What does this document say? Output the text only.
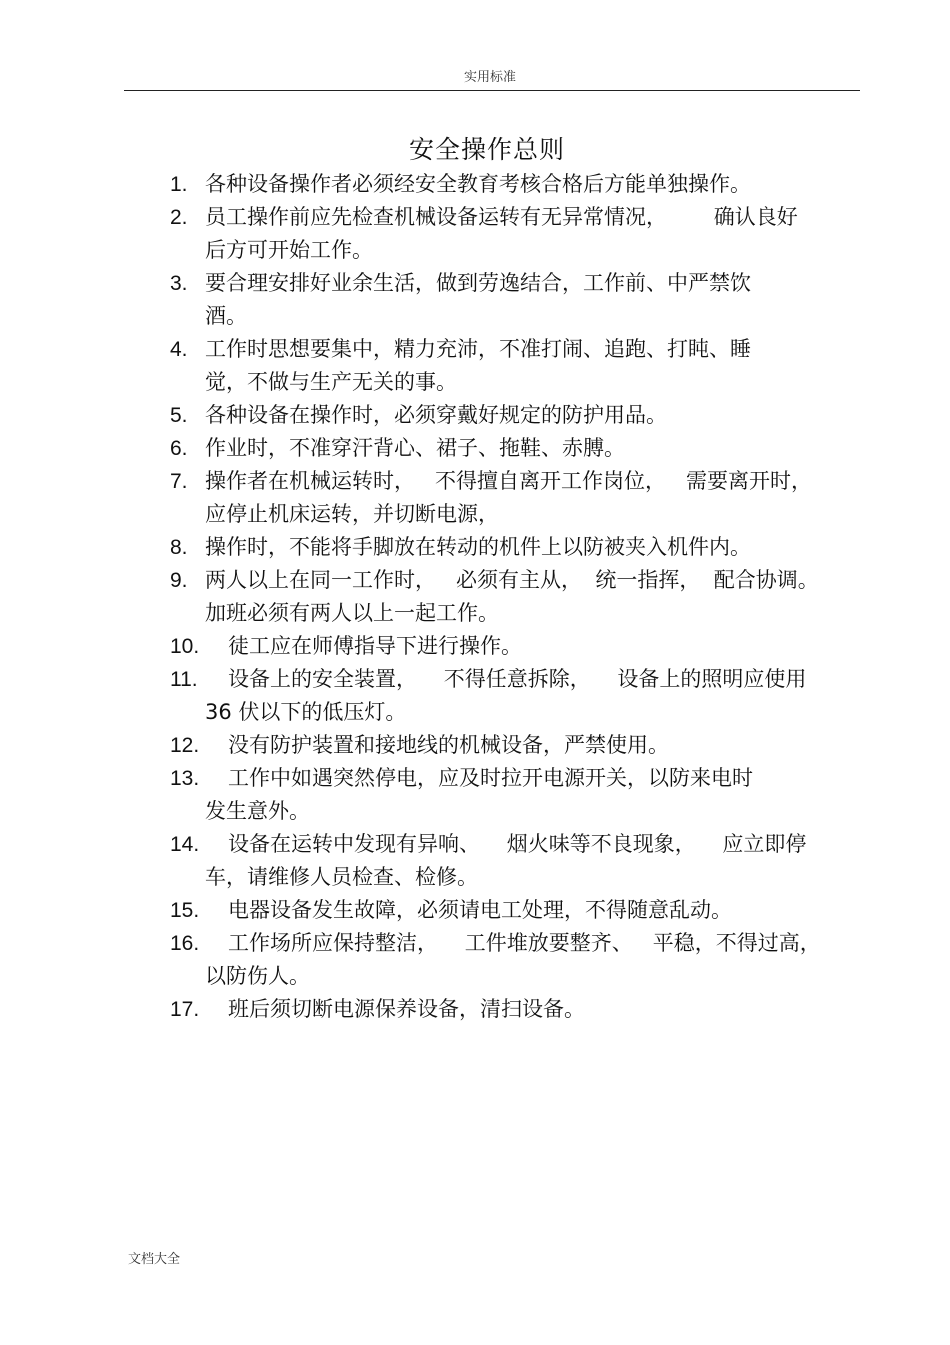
实用标准
安全操作总则
1. 各种设备操作者必须经安全教育考核合格后方能单独操作。
2. 员工操作前应先检查机械设备运转有无异常情况，       确认良好
后方可开始工作。
3. 要合理安排好业余生活，做到劳逸结合，工作前、中严禁饮
酒。
4. 工作时思想要集中，精力充沛，不准打闹、追跑、打盹、睡
觉，不做与生产无关的事。
5. 各种设备在操作时，必须穿戴好规定的防护用品。
6. 作业时，不准穿汗背心、裙子、拖鞋、赤膊。
7. 操作者在机械运转时，   不得擅自离开工作岗位，   需要离开时，
应停止机床运转，并切断电源，
8. 操作时，不能将手脚放在转动的机件上以防被夹入机件内。
9. 两人以上在同一工作时，   必须有主从，  统一指挥，  配合协调。
加班必须有两人以上一起工作。
10.	徒工应在师傅指导下进行操作。
11.	设备上的安全装置，    不得任意拆除，    设备上的照明应使用
36 伏以下的低压灯。
12.	没有防护装置和接地线的机械设备，严禁使用。
13.	工作中如遇突然停电，应及时拉开电源开关，以防来电时
发生意外。
14.	设备在运转中发现有异响、    烟火味等不良现象，    应立即停
车，请维修人员检查、检修。
15.	电器设备发生故障，必须请电工处理，不得随意乱动。
16.	工作场所应保持整洁，    工件堆放要整齐、   平稳，不得过高，
以防伤人。
17.	班后须切断电源保养设备，清扫设备。
文档大全
